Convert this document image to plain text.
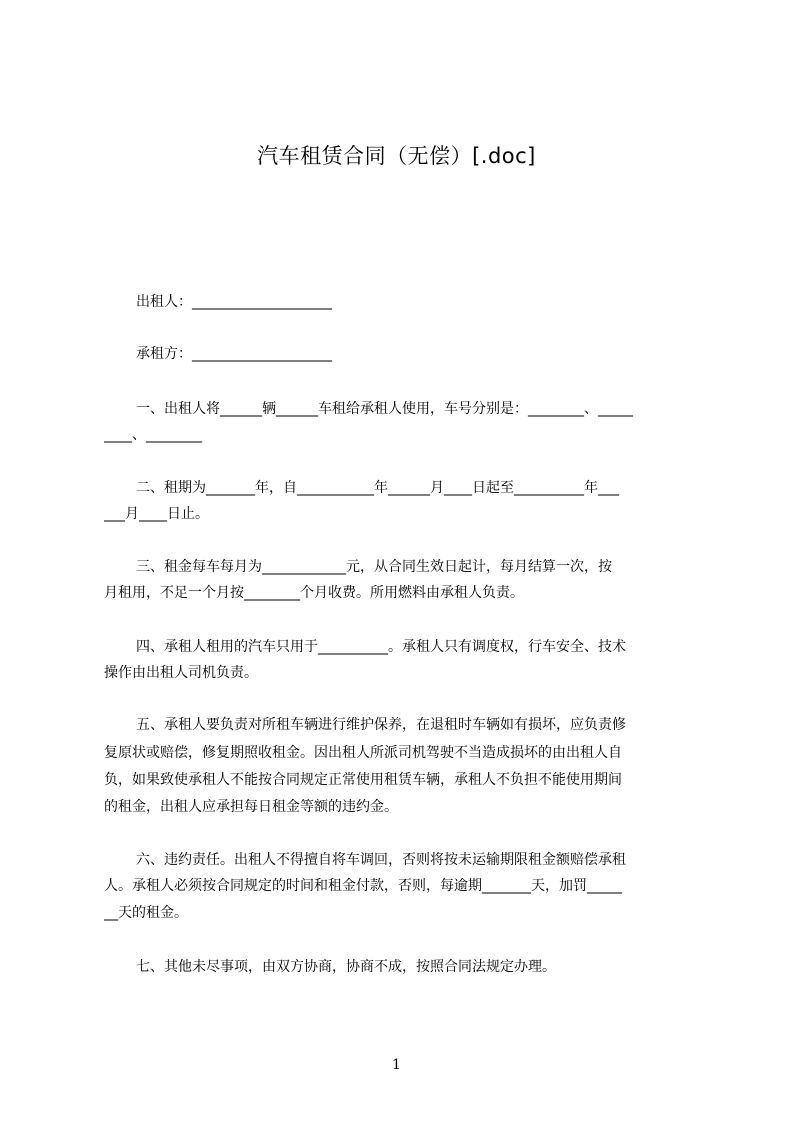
汽车租赁合同（无偿）[.doc]
出租人：____________________
承租方：____________________
一、出租人将______辆______车租给承租人使用，车号分别是：________、_____
____、________
二、租期为_______年，自___________年______月____日起至__________年___
___月____日止。
三、租金每车每月为____________元，从合同生效日起计，每月结算一次，按
月租用，不足一个月按________个月收费。所用燃料由承租人负责。
四、承租人租用的汽车只用于__________。承租人只有调度权，行车安全、技术
操作由出租人司机负责。
五、承租人要负责对所租车辆进行维护保养，在退租时车辆如有损坏，应负责修
复原状或赔偿，修复期照收租金。因出租人所派司机驾驶不当造成损坏的由出租人自
负，如果致使承租人不能按合同规定正常使用租赁车辆，承租人不负担不能使用期间
的租金，出租人应承担每日租金等额的违约金。
六、违约责任。出租人不得擅自将车调回，否则将按未运输期限租金额赔偿承租
人。承租人必须按合同规定的时间和租金付款，否则，每逾期_______天，加罚_____
__天的租金。
七、其他未尽事项，由双方协商，协商不成，按照合同法规定办理。
1
